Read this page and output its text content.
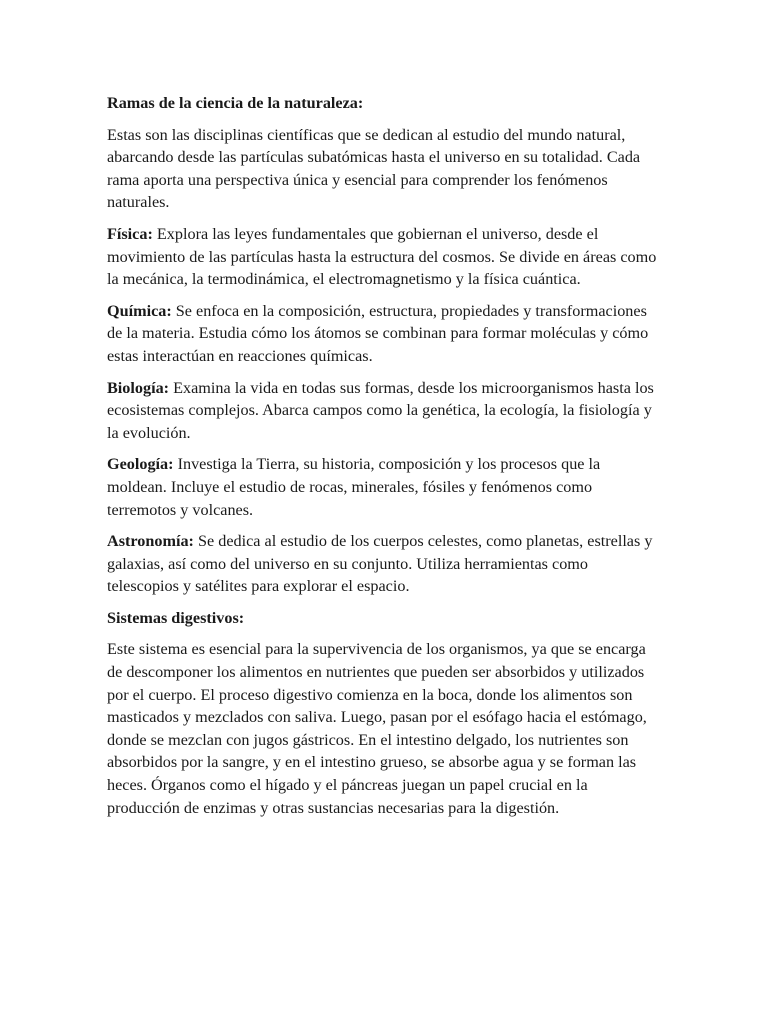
Ramas de la ciencia de la naturaleza:

Estas son las disciplinas científicas que se dedican al estudio del mundo natural, abarcando desde las partículas subatómicas hasta el universo en su totalidad. Cada rama aporta una perspectiva única y esencial para comprender los fenómenos naturales.

Física: Explora las leyes fundamentales que gobiernan el universo, desde el movimiento de las partículas hasta la estructura del cosmos. Se divide en áreas como la mecánica, la termodinámica, el electromagnetismo y la física cuántica.

Química: Se enfoca en la composición, estructura, propiedades y transformaciones de la materia. Estudia cómo los átomos se combinan para formar moléculas y cómo estas interactúan en reacciones químicas.

Biología: Examina la vida en todas sus formas, desde los microorganismos hasta los ecosistemas complejos. Abarca campos como la genética, la ecología, la fisiología y la evolución.

Geología: Investiga la Tierra, su historia, composición y los procesos que la moldean. Incluye el estudio de rocas, minerales, fósiles y fenómenos como terremotos y volcanes.

Astronomía: Se dedica al estudio de los cuerpos celestes, como planetas, estrellas y galaxias, así como del universo en su conjunto. Utiliza herramientas como telescopios y satélites para explorar el espacio.

Sistemas digestivos:

Este sistema es esencial para la supervivencia de los organismos, ya que se encarga de descomponer los alimentos en nutrientes que pueden ser absorbidos y utilizados por el cuerpo. El proceso digestivo comienza en la boca, donde los alimentos son masticados y mezclados con saliva. Luego, pasan por el esófago hacia el estómago, donde se mezclan con jugos gástricos. En el intestino delgado, los nutrientes son absorbidos por la sangre, y en el intestino grueso, se absorbe agua y se forman las heces. Órganos como el hígado y el páncreas juegan un papel crucial en la producción de enzimas y otras sustancias necesarias para la digestión.
